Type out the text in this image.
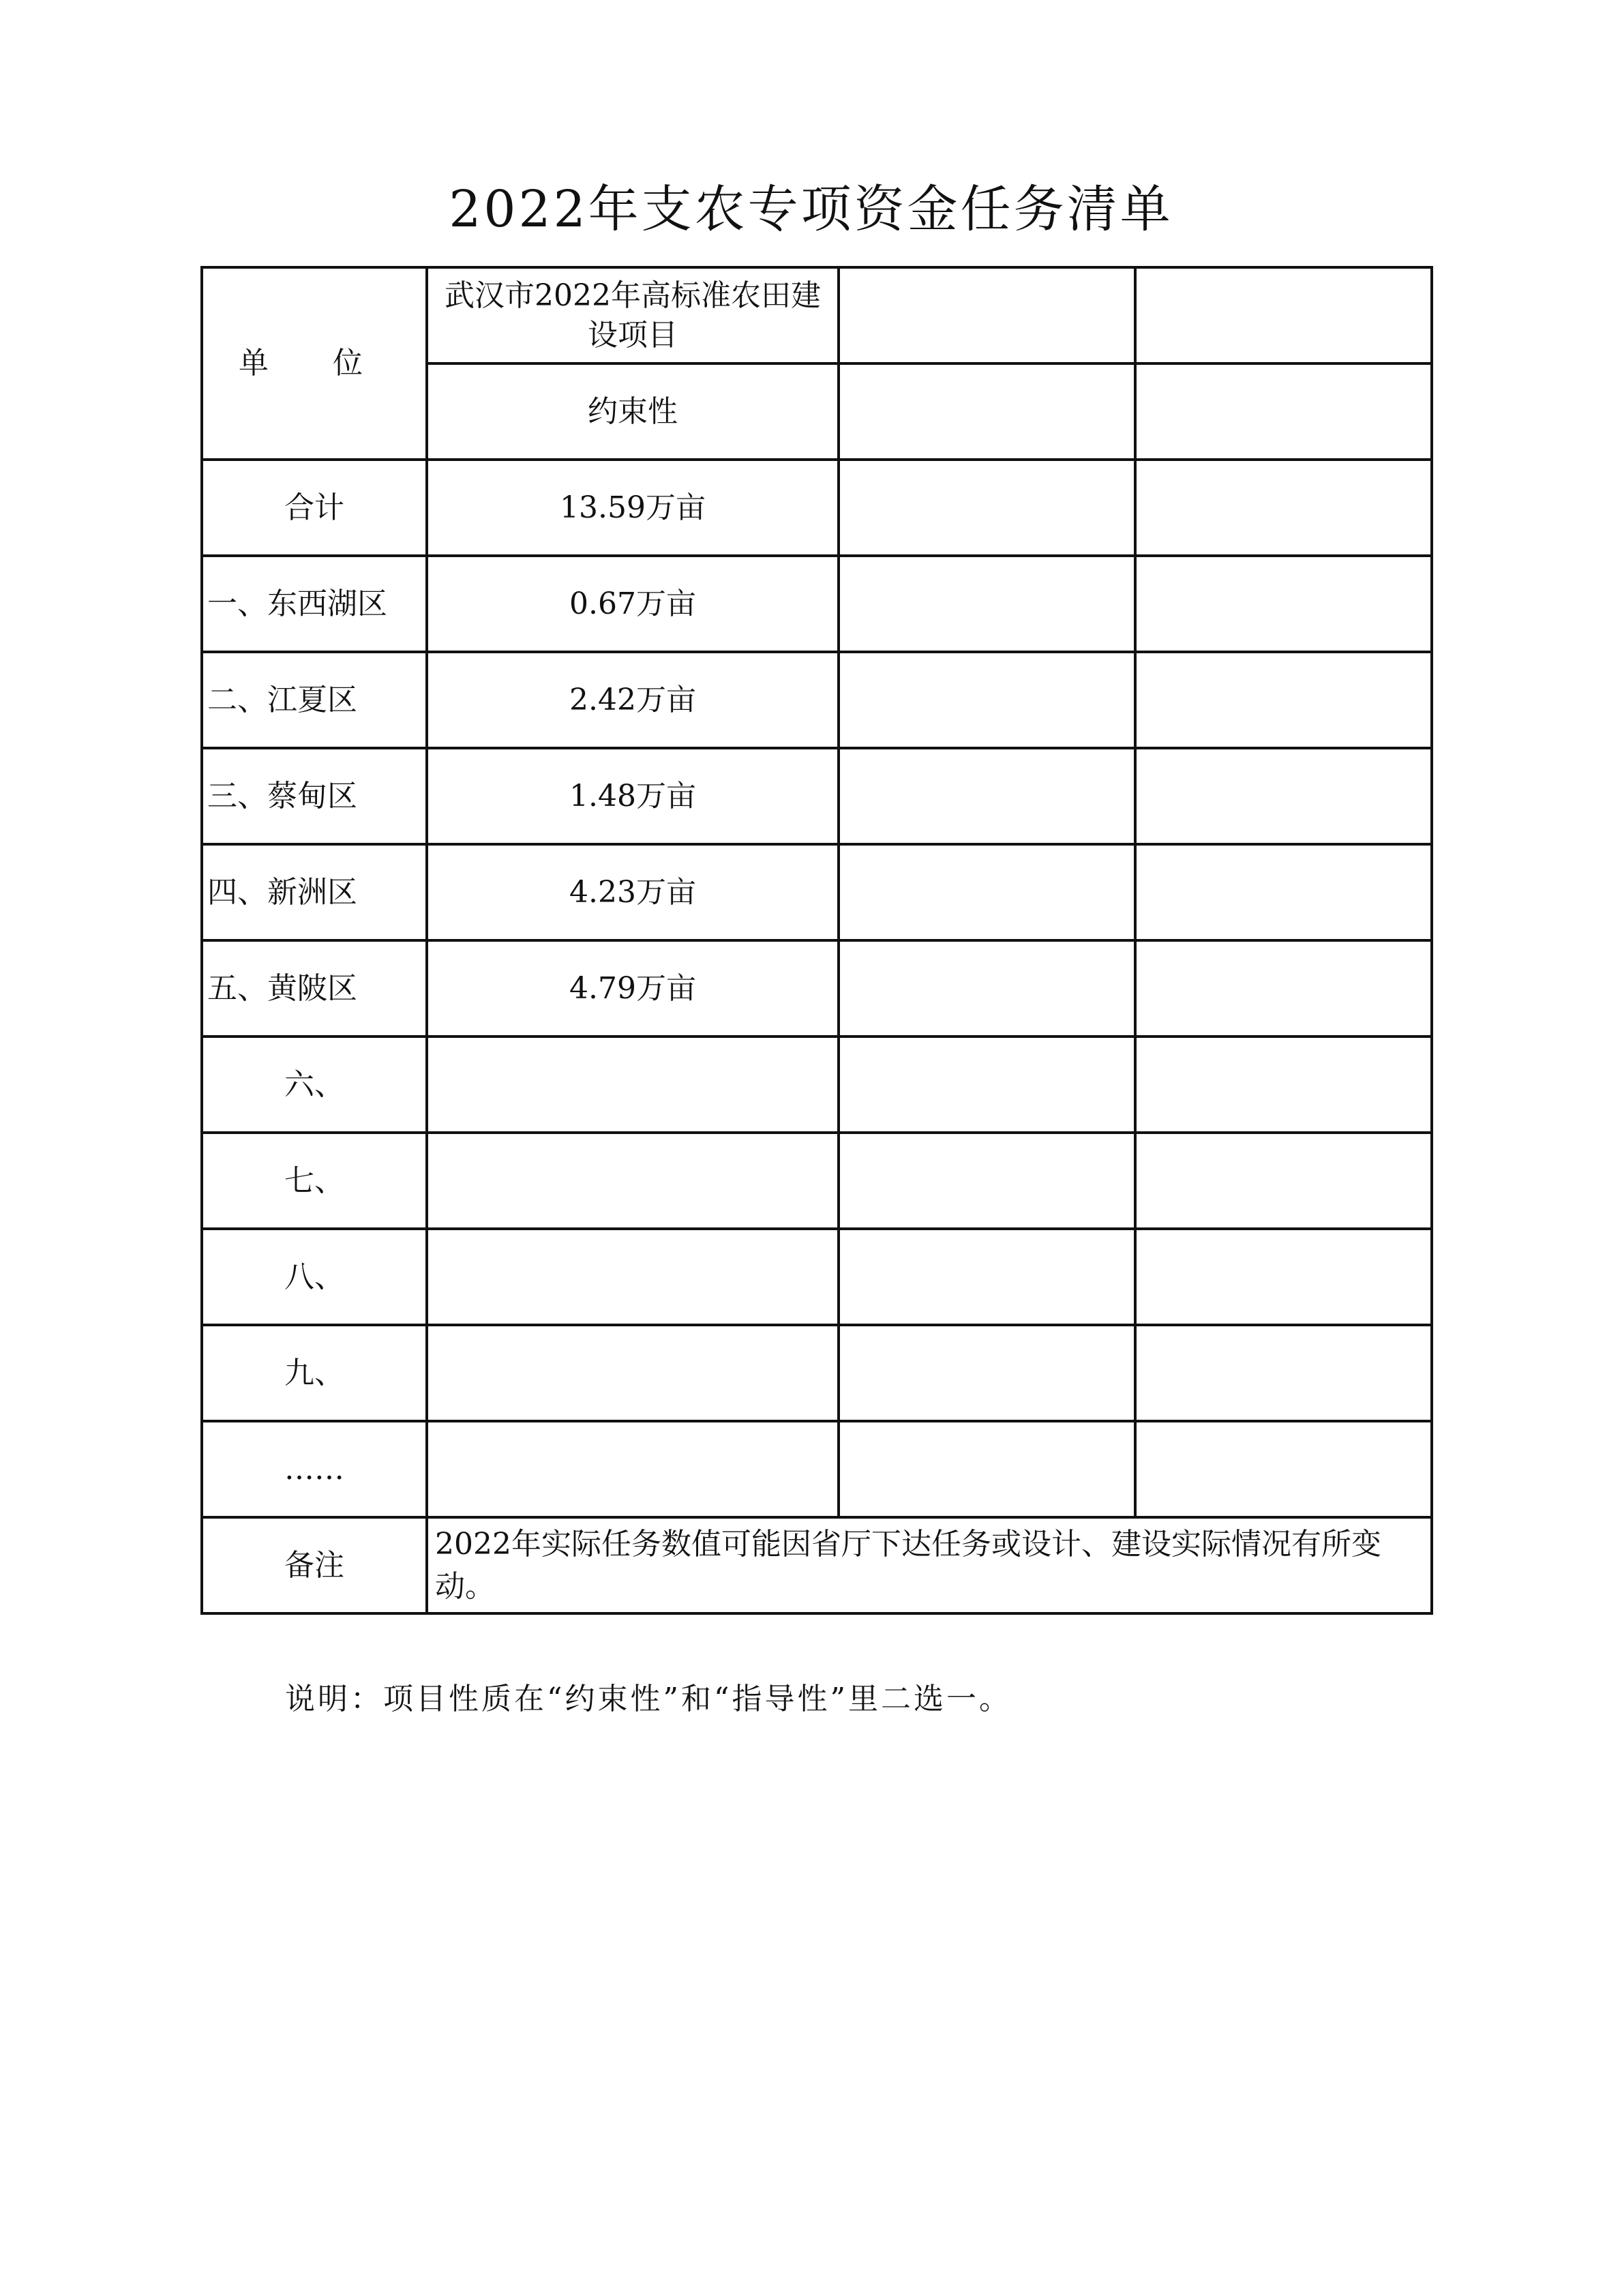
2022年支农专项资金任务清单
单 位	武汉市2022年高标准农田建设项目		
	约束性		
合计	13.59万亩		
一、东西湖区	0.67万亩		
二、江夏区	2.42万亩		
三、蔡甸区	1.48万亩		
四、新洲区	4.23万亩		
五、黄陂区	4.79万亩		
六、			
七、			
八、			
九、			
……			
备注	2022年实际任务数值可能因省厅下达任务或设计、建设实际情况有所变动。		
说明：项目性质在“约束性”和“指导性”里二选一。
